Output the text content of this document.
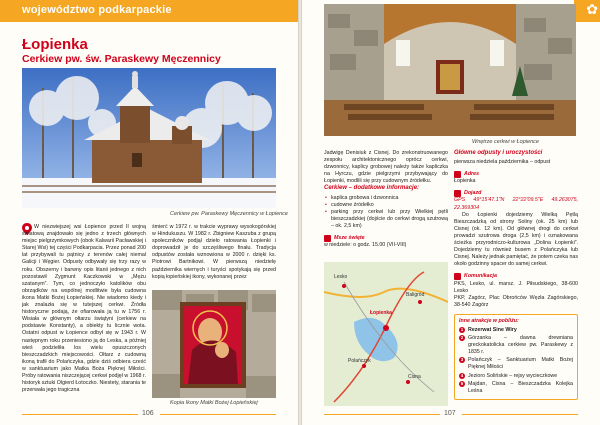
województwo podkarpackie
Łopienka
Cerkiew pw. św. Paraskewy Męczennicy
Cerkiew pw. Paraskewy Męczennicy w Łopience

W niezwiejszej wsi Łopience przed II wojną światową znajdowało się jedno z trzech głównych miejsc pielgrzymkowych (obok Kalwarii Pacławskiej i Starej Wsi) tej części Podkarpacia. Przez ponad 200 lat przybywali tu pątnicy z terenów całej niemal Galicji i Węgier. Odpusty odbywały się trzy razy w roku. Obszerny i barwny opis litanii jednego z nich pozostawił Zygmunt Kaczkowski w „Mężu szatanym”. Tym, co jednoczyło katolików obu obrządków na wspólnej modlitwie była cudowna ikona Matki Bożej Łopieńskiej. Nie wiadomo kiedy i jak znalazła się w tutejszej cerkwi. Źródła historyczne podają, że ofiarowała ją tu w 1756 r. Wisiała w głównym ołtarzu świątyni (cerkiew na podstawie Konstanty), a obiekty tu licznie wota. Ostatni odpust w Łopience odbył się w 1943 r. W następnym roku przeniesiono ją do Leska, a później wieś podzieliła los wielu opuszczonych bieszczadzkich miejscowości. Ołtarz z cudowną ikoną trafił do Polańczyka, gdzie dziś odbiera cześć w sanktuarium jako Matka Boża Pięknej Miłości. Próby ratowania niszczejącej cerkwi podjęł w 1968 r. historyk sztuki Olgierd Łotoczko. Niestety, starania te przerwała jego tragiczna

śmierć w 1972 r. w trakcie wyprawy wysokogórskiej w Hindukuszu. W 1982 r. Zbigniew Kaszuba z grupą społeczników podjął dzieło ratowania Łopienki i doprowadził je do szczęśliwego finału. Tradycja odpustów została wznowiona w 2000 r. dzięki ks. Piotrowi Bartnikowi. W pierwszą niedzielę października wiernych i turyści spotykają się przed kopią łopieńskiej ikony, wykonanej przez

Kopia Ikony Matki Bożej Łopieńskiej
106
✿
Wnętrze cerkwi w Łopience

Jadwigę Denisiuk z Cisnej. Do zrekonstruowanego zespołu architektonicznego oprócz cerkwi, dzwonnicy, kaplicy grobowej należy także kapliczka na Hyrczu, gdzie pielgrzymi przybywający do Łopienki, modlili się przy cudownym źródełku.

Cerkiew – dodatkowe informacje:
• kaplica grobowa i dzwonnica
• cudowne źródełko
• parking przy cerkwi lub przy Wielkiej pętli bieszczadzkiej (dojście do cerkwi drogą szutrową – ok. 2,5 km)
Msze święte
w niedziele: o godz. 15.00 (VII-VIII)
Łopienka
Cisna
Polańczyk
Lesko
Baligród
Główne odpusty i uroczystości
pierwsza niedziela października – odpust
Adres
Łopienka
Dojazd
GPS 49°15'47.1"N 22°22'09.5"E 49.263075, 22.369304
Do Łopienki dojedziemy Wielką Pętlą Bieszczadzką od strony Soliny (ok. 25 km) lub Cisnej (ok. 12 km). Od głównej drogi do cerkwi prowadzi szutrowa droga (2,5 km) i oznakowana ścieżka przyrodniczo-kulturowa „Dolina Łopienki”. Dojedziemy tu również busem z Polańczyka lub Cisnej. Należy jednak pamiętać, że potem czeka nas około godzinny spacer do samej cerkwi.
Komunikacja
PKS, Lesko, ul. marsz. J. Piłsudskiego, 38-600 Lesko
PKP, Zagórz, Plac Obrońców Węzła Zagórskiego, 38-540 Zagórz
Inne atrakcje w pobliżu:
1 Rezerwat Sine Wiry
2 Górzanka – dawna drewniana greckokatolicka cerkiew pw. Paraskewy z 1835 r.
3 Polańczyk – Sanktuarium Matki Bożej Pięknej Miłości
4 Jezioro Solińskie – rejsy wycieczkowe
5 Majdan, Cisna – Bieszczadzka Kolejka Leśna
107
